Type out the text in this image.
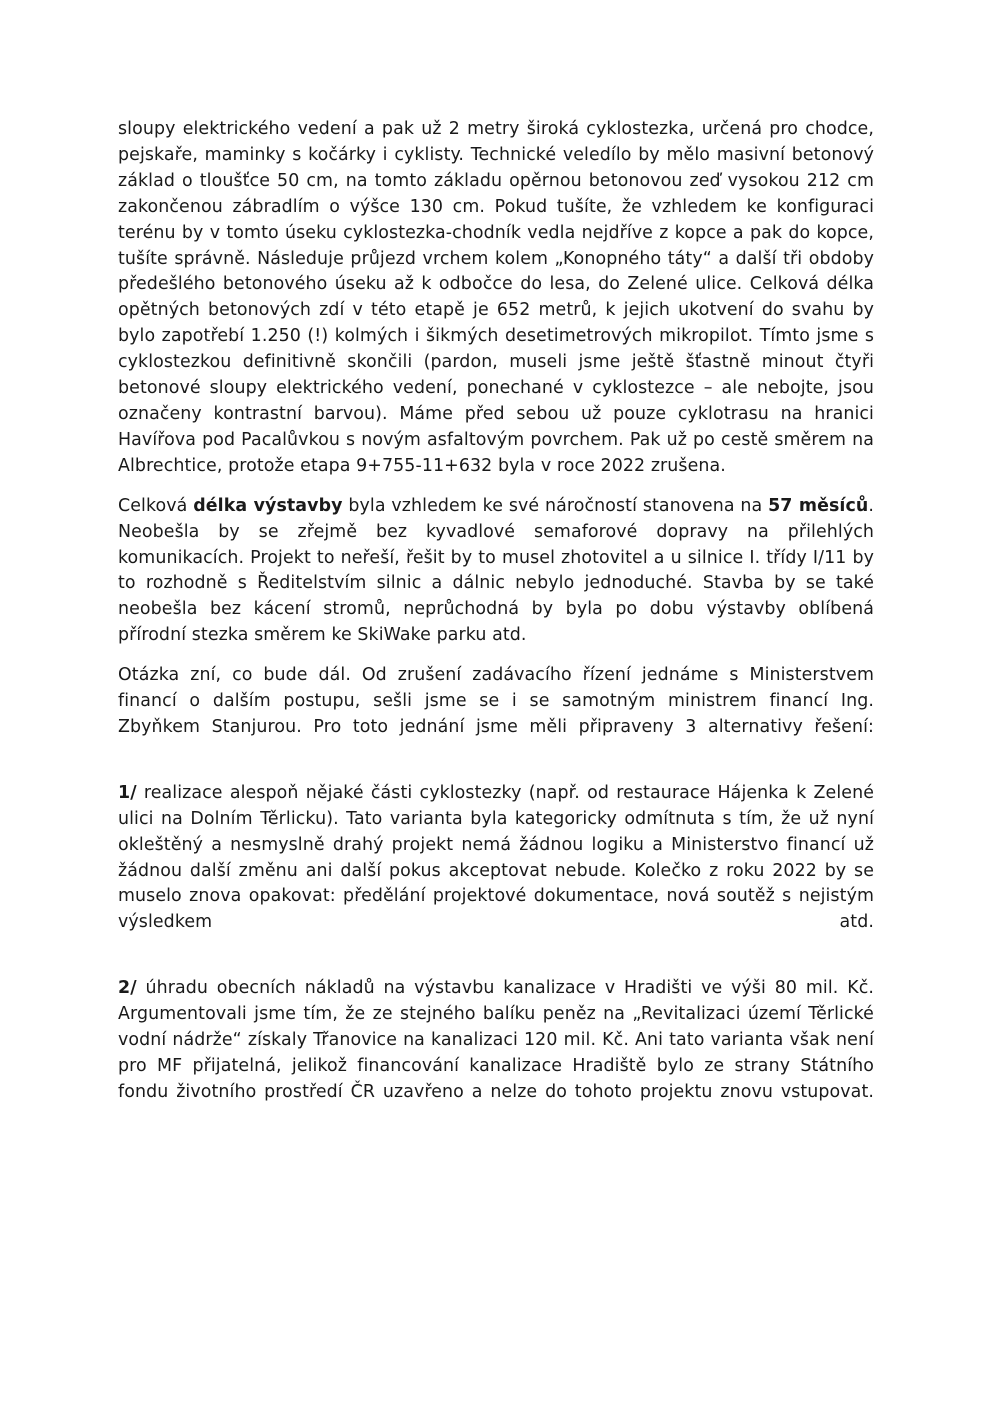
sloupy elektrického vedení a pak už 2 metry široká cyklostezka, určená pro chodce, pejskaře, maminky s kočárky i cyklisty. Technické veledílo by mělo masivní betonový základ o tloušťce 50 cm, na tomto základu opěrnou betonovou zeď vysokou 212 cm zakončenou zábradlím o výšce 130 cm. Pokud tušíte, že vzhledem ke konfiguraci terénu by v tomto úseku cyklostezka-chodník vedla nejdříve z kopce a pak do kopce, tušíte správně. Následuje průjezd vrchem kolem „Konopného táty“ a další tři obdoby předešlého betonového úseku až k odbočce do lesa, do Zelené ulice. Celková délka opětných betonových zdí v této etapě je 652 metrů, k jejich ukotvení do svahu by bylo zapotřebí 1.250 (!) kolmých i šikmých desetimetrových mikropilot. Tímto jsme s cyklostezkou definitivně skončili (pardon, museli jsme ještě šťastně minout čtyři betonové sloupy elektrického vedení, ponechané v cyklostezce – ale nebojte, jsou označeny kontrastní barvou). Máme před sebou už pouze cyklotrasu na hranici Havířova pod Pacalůvkou s novým asfaltovým povrchem. Pak už po cestě směrem na Albrechtice, protože etapa 9+755-11+632 byla v roce 2022 zrušena.

Celková délka výstavby byla vzhledem ke své náročností stanovena na 57 měsíců. Neobešla by se zřejmě bez kyvadlové semaforové dopravy na přilehlých komunikacích. Projekt to neřeší, řešit by to musel zhotovitel a u silnice I. třídy I/11 by to rozhodně s Ředitelstvím silnic a dálnic nebylo jednoduché. Stavba by se také neobešla bez kácení stromů, neprůchodná by byla po dobu výstavby oblíbená přírodní stezka směrem ke SkiWake parku atd.

Otázka zní, co bude dál. Od zrušení zadávacího řízení jednáme s Ministerstvem financí o dalším postupu, sešli jsme se i se samotným ministrem financí Ing. Zbyňkem Stanjurou. Pro toto jednání jsme měli připraveny 3 alternativy řešení:

1/ realizace alespoň nějaké části cyklostezky (např. od restaurace Hájenka k Zelené ulici na Dolním Těrlicku). Tato varianta byla kategoricky odmítnuta s tím, že už nyní okleštěný a nesmyslně drahý projekt nemá žádnou logiku a Ministerstvo financí už žádnou další změnu ani další pokus akceptovat nebude. Kolečko z roku 2022 by se muselo znova opakovat: předělání projektové dokumentace, nová soutěž s nejistým výsledkem atd.

2/ úhradu obecních nákladů na výstavbu kanalizace v Hradišti ve výši 80 mil. Kč. Argumentovali jsme tím, že ze stejného balíku peněz na „Revitalizaci území Těrlické vodní nádrže“ získaly Třanovice na kanalizaci 120 mil. Kč. Ani tato varianta však není pro MF přijatelná, jelikož financování kanalizace Hradiště bylo ze strany Státního fondu životního prostředí ČR uzavřeno a nelze do tohoto projektu znovu vstupovat.
